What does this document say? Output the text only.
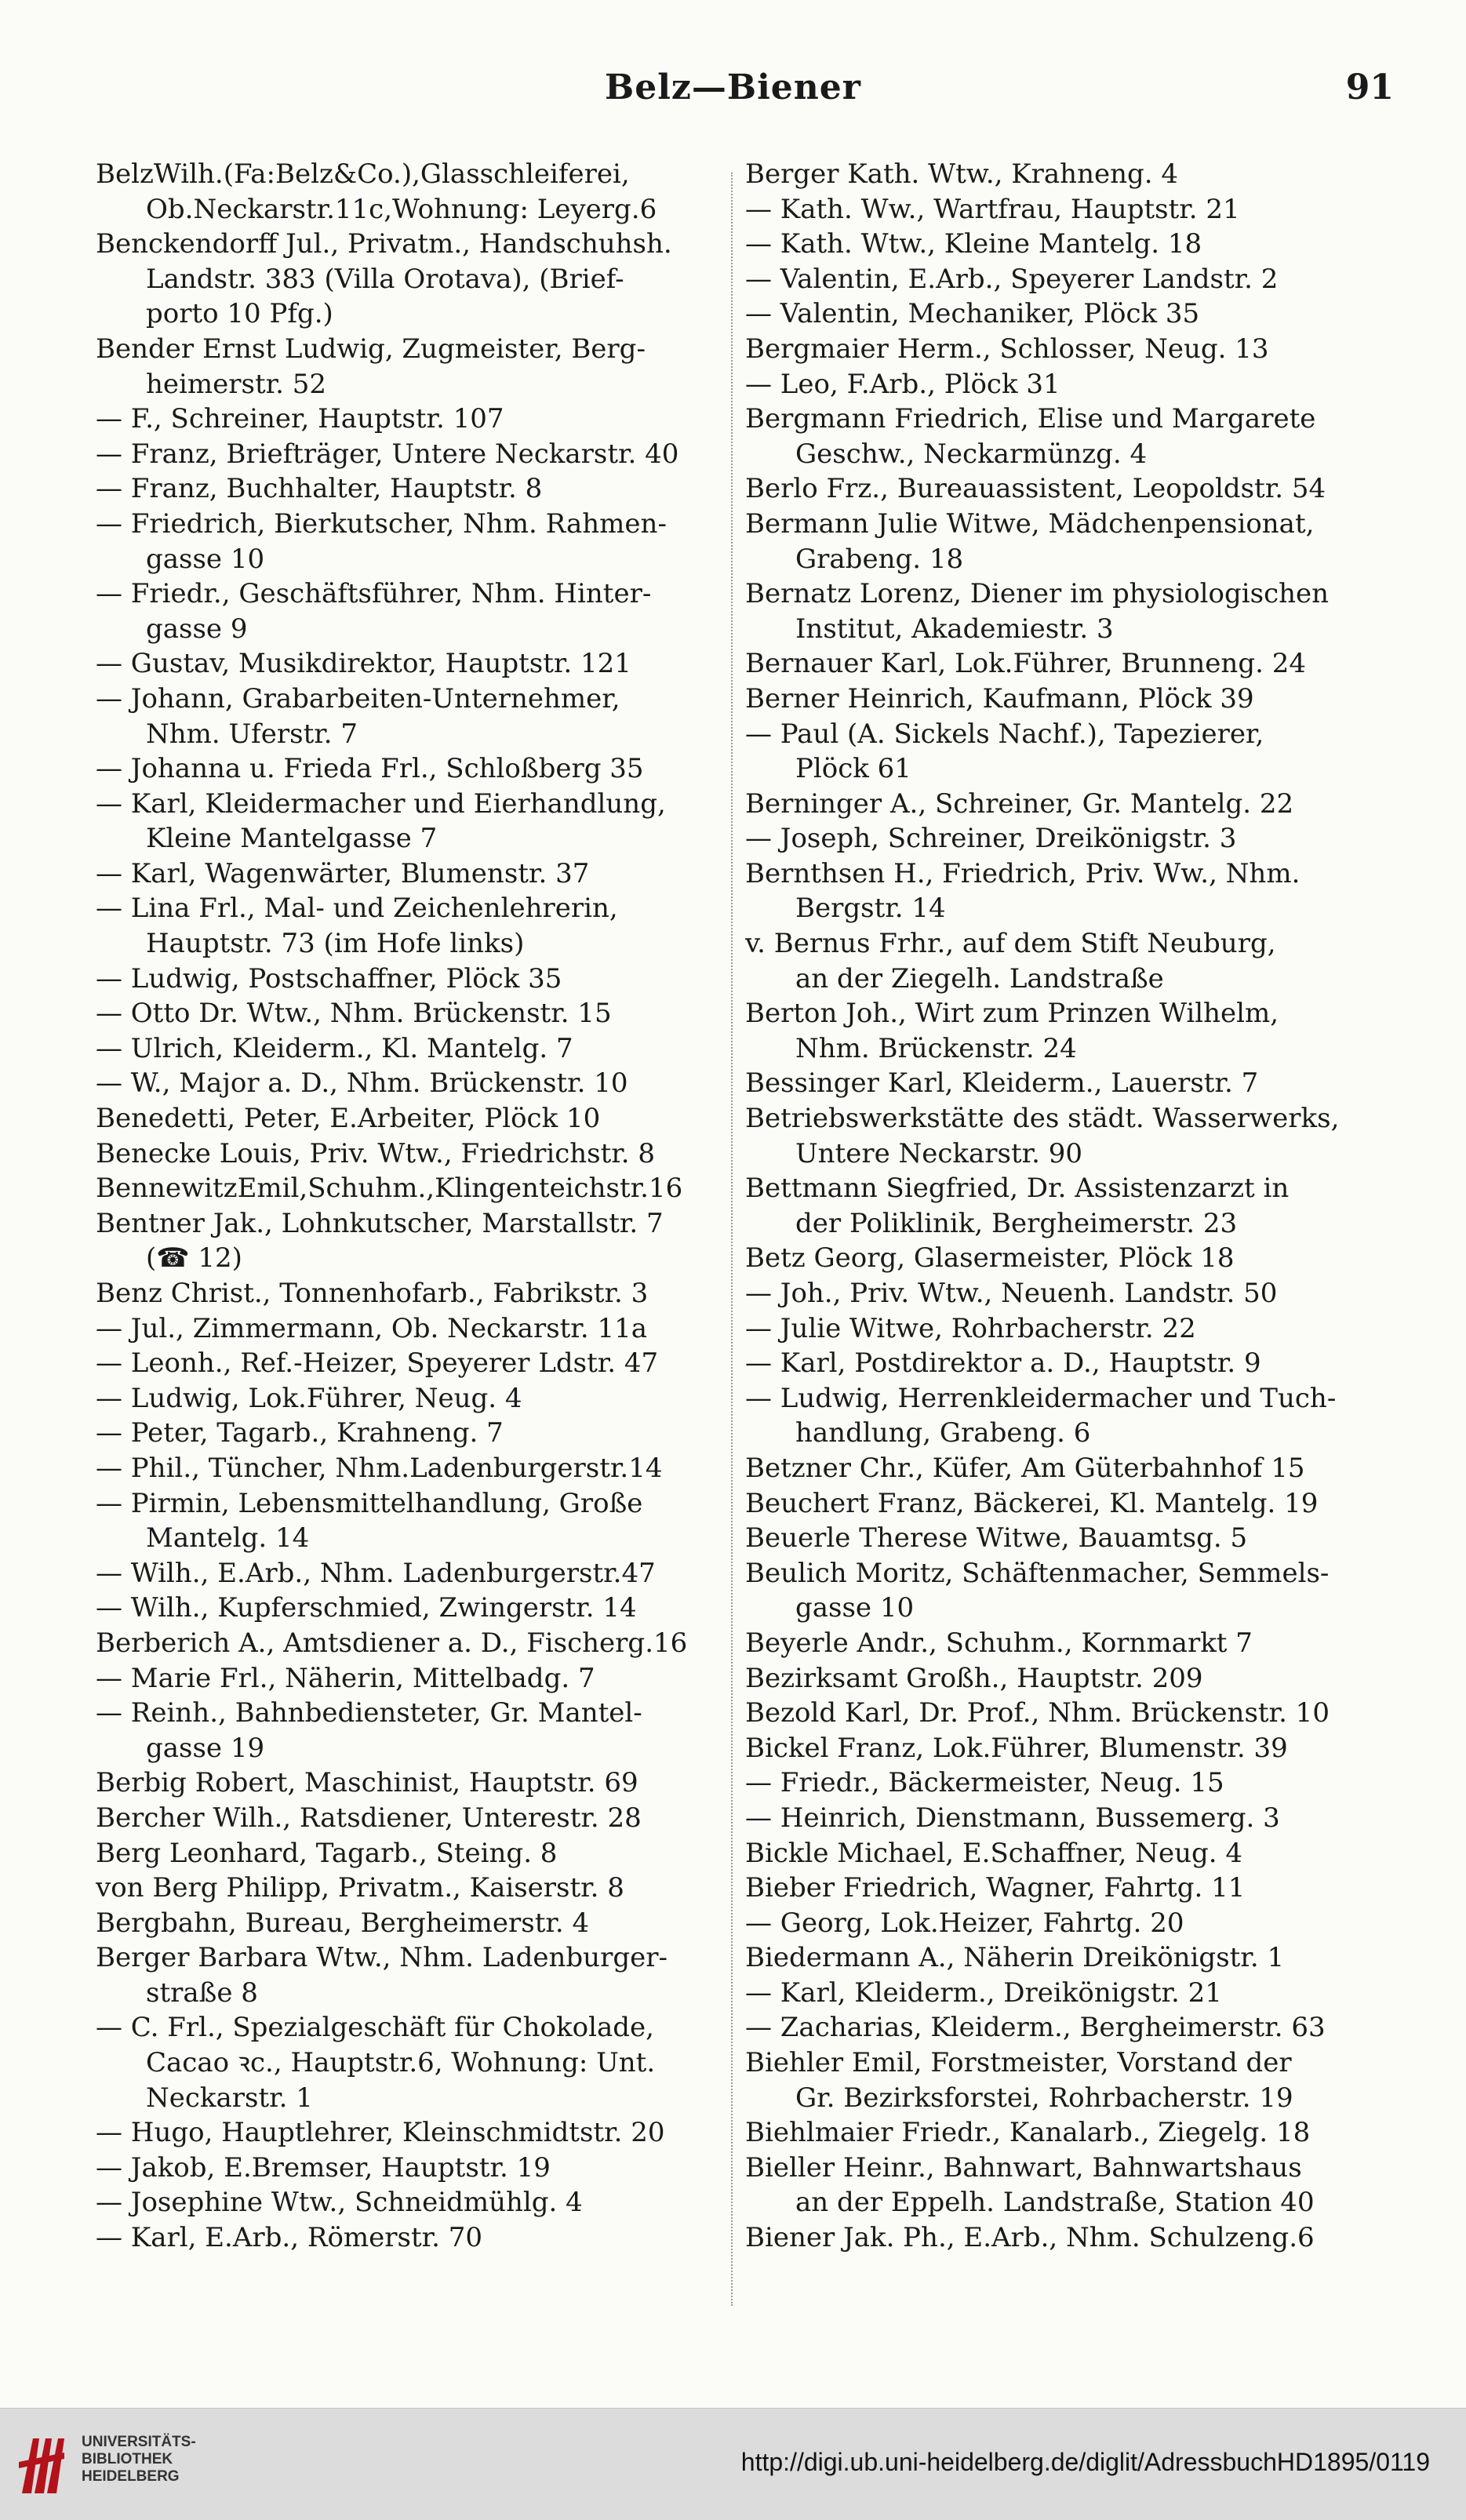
Belz—Biener	91
BelzWilh.(Fa:Belz&Co.),Glasschleiferei,
Ob.Neckarstr.11c,Wohnung: Leyerg.6
Benckendorff Jul., Privatm., Handschuhsh.
Landstr. 383 (Villa Orotava), (Brief-
porto 10 Pfg.)
Bender Ernst Ludwig, Zugmeister, Berg-
heimerstr. 52
— F., Schreiner, Hauptstr. 107
— Franz, Briefträger, Untere Neckarstr. 40
— Franz, Buchhalter, Hauptstr. 8
— Friedrich, Bierkutscher, Nhm. Rahmen-
gasse 10
— Friedr., Geschäftsführer, Nhm. Hinter-
gasse 9
— Gustav, Musikdirektor, Hauptstr. 121
— Johann, Grabarbeiten-Unternehmer,
Nhm. Uferstr. 7
— Johanna u. Frieda Frl., Schloßberg 35
— Karl, Kleidermacher und Eierhandlung,
Kleine Mantelgasse 7
— Karl, Wagenwärter, Blumenstr. 37
— Lina Frl., Mal- und Zeichenlehrerin,
Hauptstr. 73 (im Hofe links)
— Ludwig, Postschaffner, Plöck 35
— Otto Dr. Wtw., Nhm. Brückenstr. 15
— Ulrich, Kleiderm., Kl. Mantelg. 7
— W., Major a. D., Nhm. Brückenstr. 10
Benedetti, Peter, E.Arbeiter, Plöck 10
Benecke Louis, Priv. Wtw., Friedrichstr. 8
BennewitzEmil,Schuhm.,Klingenteichstr.16
Bentner Jak., Lohnkutscher, Marstallstr. 7
(☎ 12)
Benz Christ., Tonnenhofarb., Fabrikstr. 3
— Jul., Zimmermann, Ob. Neckarstr. 11a
— Leonh., Ref.-Heizer, Speyerer Ldstr. 47
— Ludwig, Lok.Führer, Neug. 4
— Peter, Tagarb., Krahneng. 7
— Phil., Tüncher, Nhm.Ladenburgerstr.14
— Pirmin, Lebensmittelhandlung, Große
Mantelg. 14
— Wilh., E.Arb., Nhm. Ladenburgerstr.47
— Wilh., Kupferschmied, Zwingerstr. 14
Berberich A., Amtsdiener a. D., Fischerg.16
— Marie Frl., Näherin, Mittelbadg. 7
— Reinh., Bahnbediensteter, Gr. Mantel-
gasse 19
Berbig Robert, Maschinist, Hauptstr. 69
Bercher Wilh., Ratsdiener, Unterestr. 28
Berg Leonhard, Tagarb., Steing. 8
von Berg Philipp, Privatm., Kaiserstr. 8
Bergbahn, Bureau, Bergheimerstr. 4
Berger Barbara Wtw., Nhm. Ladenburger-
straße 8
— C. Frl., Spezialgeschäft für Chokolade,
Cacao ꝛc., Hauptstr.6, Wohnung: Unt.
Neckarstr. 1
— Hugo, Hauptlehrer, Kleinschmidtstr. 20
— Jakob, E.Bremser, Hauptstr. 19
— Josephine Wtw., Schneidmühlg. 4
— Karl, E.Arb., Römerstr. 70
Berger Kath. Wtw., Krahneng. 4
— Kath. Ww., Wartfrau, Hauptstr. 21
— Kath. Wtw., Kleine Mantelg. 18
— Valentin, E.Arb., Speyerer Landstr. 2
— Valentin, Mechaniker, Plöck 35
Bergmaier Herm., Schlosser, Neug. 13
— Leo, F.Arb., Plöck 31
Bergmann Friedrich, Elise und Margarete
Geschw., Neckarmünzg. 4
Berlo Frz., Bureauassistent, Leopoldstr. 54
Bermann Julie Witwe, Mädchenpensionat,
Grabeng. 18
Bernatz Lorenz, Diener im physiologischen
Institut, Akademiestr. 3
Bernauer Karl, Lok.Führer, Brunneng. 24
Berner Heinrich, Kaufmann, Plöck 39
— Paul (A. Sickels Nachf.), Tapezierer,
Plöck 61
Berninger A., Schreiner, Gr. Mantelg. 22
— Joseph, Schreiner, Dreikönigstr. 3
Bernthsen H., Friedrich, Priv. Ww., Nhm.
Bergstr. 14
v. Bernus Frhr., auf dem Stift Neuburg,
an der Ziegelh. Landstraße
Berton Joh., Wirt zum Prinzen Wilhelm,
Nhm. Brückenstr. 24
Bessinger Karl, Kleiderm., Lauerstr. 7
Betriebswerkstätte des städt. Wasserwerks,
Untere Neckarstr. 90
Bettmann Siegfried, Dr. Assistenzarzt in
der Poliklinik, Bergheimerstr. 23
Betz Georg, Glasermeister, Plöck 18
— Joh., Priv. Wtw., Neuenh. Landstr. 50
— Julie Witwe, Rohrbacherstr. 22
— Karl, Postdirektor a. D., Hauptstr. 9
— Ludwig, Herrenkleidermacher und Tuch-
handlung, Grabeng. 6
Betzner Chr., Küfer, Am Güterbahnhof 15
Beuchert Franz, Bäckerei, Kl. Mantelg. 19
Beuerle Therese Witwe, Bauamtsg. 5
Beulich Moritz, Schäftenmacher, Semmels-
gasse 10
Beyerle Andr., Schuhm., Kornmarkt 7
Bezirksamt Großh., Hauptstr. 209
Bezold Karl, Dr. Prof., Nhm. Brückenstr. 10
Bickel Franz, Lok.Führer, Blumenstr. 39
— Friedr., Bäckermeister, Neug. 15
— Heinrich, Dienstmann, Bussemerg. 3
Bickle Michael, E.Schaffner, Neug. 4
Bieber Friedrich, Wagner, Fahrtg. 11
— Georg, Lok.Heizer, Fahrtg. 20
Biedermann A., Näherin Dreikönigstr. 1
— Karl, Kleiderm., Dreikönigstr. 21
— Zacharias, Kleiderm., Bergheimerstr. 63
Biehler Emil, Forstmeister, Vorstand der
Gr. Bezirksforstei, Rohrbacherstr. 19
Biehlmaier Friedr., Kanalarb., Ziegelg. 18
Bieller Heinr., Bahnwart, Bahnwartshaus
an der Eppelh. Landstraße, Station 40
Biener Jak. Ph., E.Arb., Nhm. Schulzeng.6
UNIVERSITÄTS-
BIBLIOTHEK
HEIDELBERG
http://digi.ub.uni-heidelberg.de/diglit/AdressbuchHD1895/0119
